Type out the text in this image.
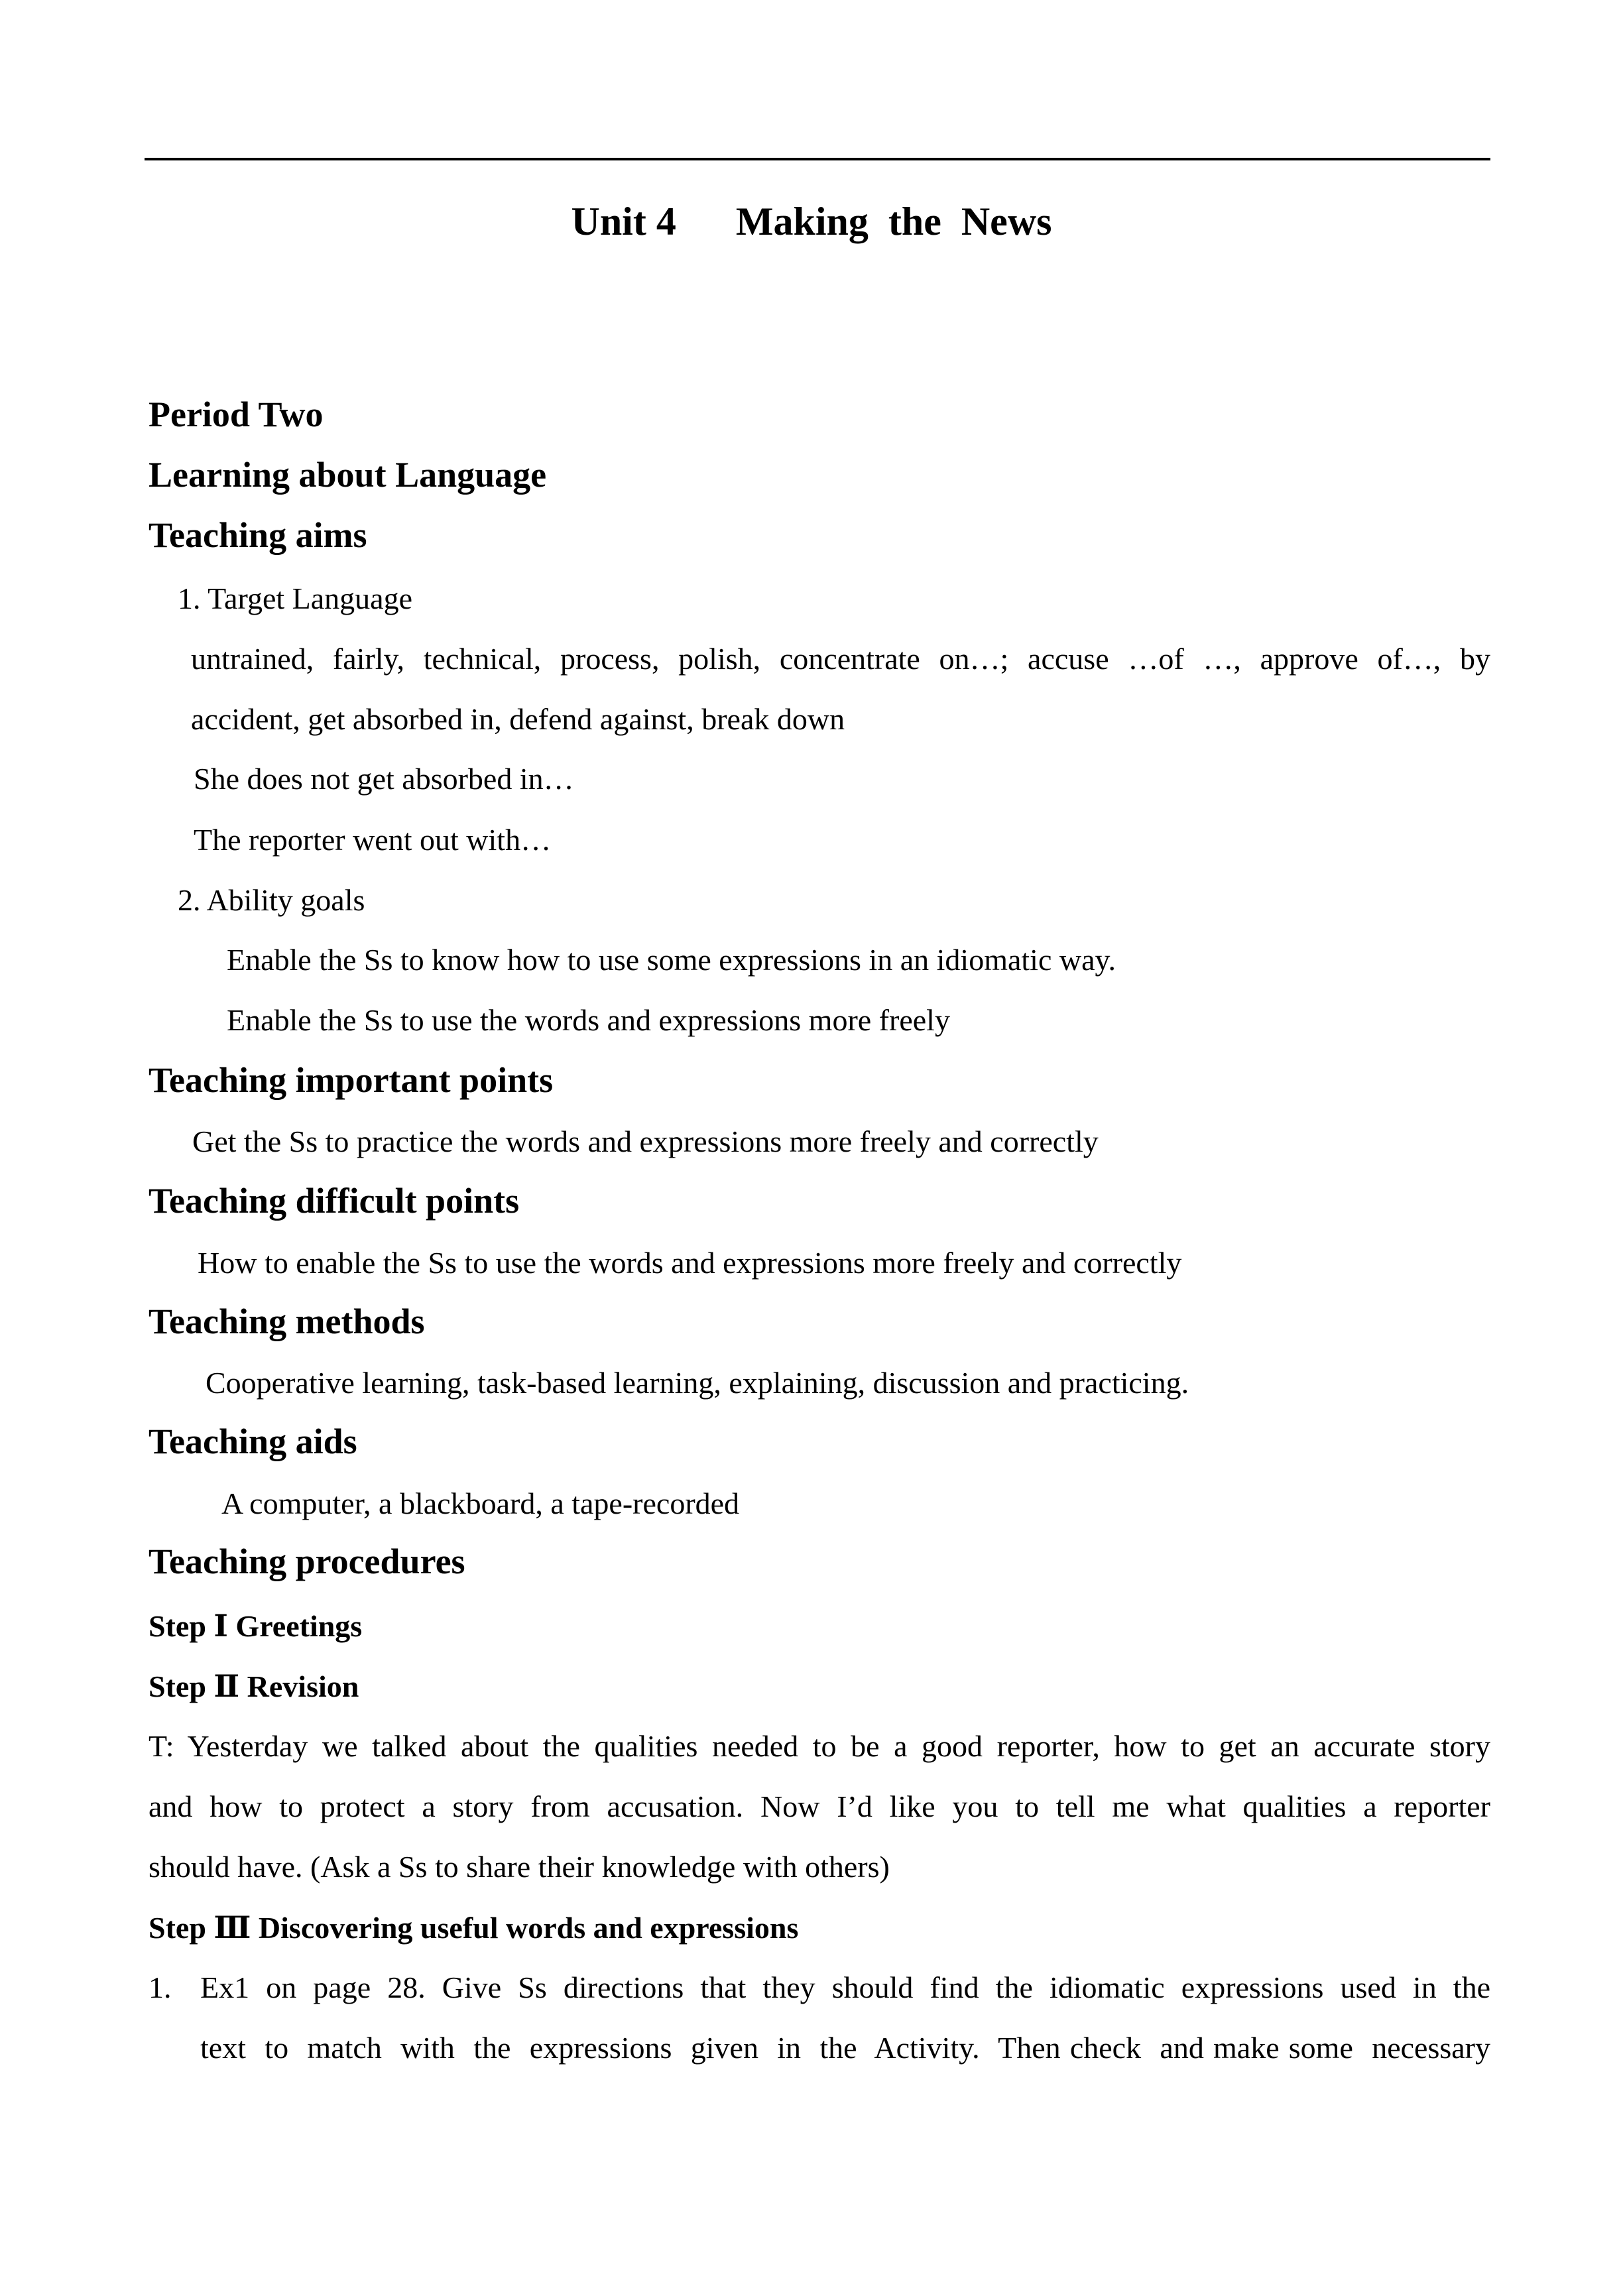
Unit 4      Making  the  News
Period Two
Learning about Language
Teaching aims
1. Target Language
untrained,  fairly,  technical,  process,  polish,  concentrate  on…;  accuse  …of  …,  approve  of…,  by
accident, get absorbed in, defend against, break down
She does not get absorbed in…
The reporter went out with…
2. Ability goals
Enable the Ss to know how to use some expressions in an idiomatic way.
Enable the Ss to use the words and expressions more freely
Teaching important points
Get the Ss to practice the words and expressions more freely and correctly
Teaching difficult points
How to enable the Ss to use the words and expressions more freely and correctly
Teaching methods
Cooperative learning, task-based learning, explaining, discussion and practicing.
Teaching aids
A computer, a blackboard, a tape-recorded
Teaching procedures
Step Ⅰ Greetings
Step Ⅱ Revision
T: Yesterday we talked about the qualities needed to be a good reporter, how to get an accurate story
and  how  to  protect  a  story  from  accusation.  Now  I’d  like  you  to  tell  me  what  qualities  a  reporter
should have. (Ask a Ss to share their knowledge with others)
Step Ⅲ Discovering useful words and expressions
1. Ex1  on  page  28.  Give  Ss  directions  that  they  should  find  the  idiomatic  expressions  used  in  the
text  to  match  with  the  expressions  given  in  the  Activity.  Then check  and make some  necessary
